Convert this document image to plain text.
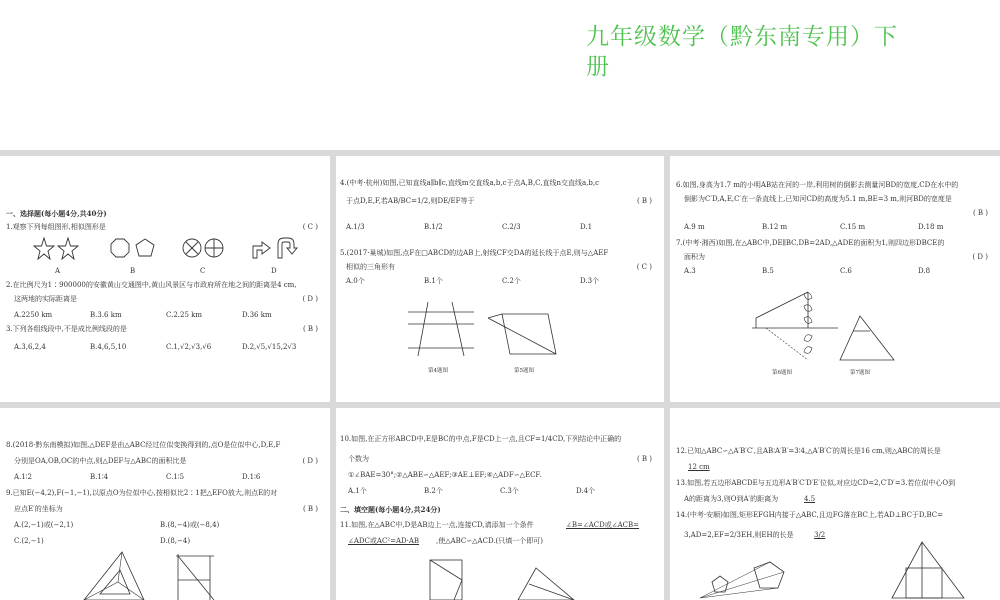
九年级数学（黔东南专用）下册
一、选择题(每小题4分,共40分)
1.观察下列每组图形,相似图形是	( C )
A	B	C	D
2.在比例尺为1∶900000的安徽黄山交通图中,黄山风景区与市政府所在地之间的距离是4 cm,
这两地的实际距离是	( D )
A.2250 km	B.3.6 km	C.2.25 km	D.36 km
3.下列各组线段中,不是成比例线段的是	( B )
A.3,6,2,4	B.4,6,5,10	C.1,√2,√3,√6	D.2,√5,√15,2√3
4.(中考·杭州)如图,已知直线a∥b∥c,直线m交直线a,b,c于点A,B,C,直线n交直线a,b,c
于点D,E,F,若AB/BC=1/2,则DE/EF等于	( B )
A.1/3	B.1/2	C.2/3	D.1
5.(2017·巢城)如图,点F在□ABCD的边AB上,射线CF交DA的延长线于点E,则与△AEF
相似的三角形有	( C )
A.0个	B.1个	C.2个	D.3个
第4题图	第5题图
6.如图,身高为1.7 m的小明AB站在河的一岸,利用树的倒影去测量河BD的宽度,CD在水中的
倒影为C′D,A,E,C′在一条直线上,已知河CD的高度为5.1 m,BE=3 m,则河BD的宽度是
( B )
A.9 m	B.12 m	C.15 m	D.18 m
7.(中考·湘西)如图,在△ABC中,DE∥BC,DB=2AD,△ADE的面积为1,则四边形DBCE的
面积为	( D )
A.3	B.5	C.6	D.8
第6题图	第7题图
8.(2018·黔东南模拟)如图,△DEF是由△ABC经过位似变换得到的,点O是位似中心,D,E,F
分别是OA,OB,OC的中点,则△DEF与△ABC的面积比是	( D )
A.1∶2	B.1∶4	C.1∶5	D.1∶6
9.已知E(−4,2),F(−1,−1),以原点O为位似中心,按相似比2∶1把△EFO放大,则点E的对
应点E′的坐标为	( B )
A.(2,−1)或(−2,1)	B.(8,−4)或(−8,4)
C.(2,−1)	D.(8,−4)
10.如图,在正方形ABCD中,E是BC的中点,F是CD上一点,且CF=1/4CD,下列结论中正确的
个数为	( B )
①∠BAE=30°;②△ABE∽△AEF;③AE⊥EF;④△ADF∽△ECF.
A.1个	B.2个	C.3个	D.4个
二、填空题(每小题4分,共24分)
11.如图,在△ABC中,D是AB边上一点,连接CD,请添加一个条件	∠B=∠ACD或∠ACB=
∠ADC或AC²=AD·AB ,使△ABC∽△ACD.(只填一个即可)
12.已知△ABC∽△A′B′C′,且AB∶A′B′=3∶4,△A′B′C′的周长是16 cm,则△ABC的周长是
12 cm
13.如图,若五边形ABCDE与五边形A′B′C′D′E′位似,对应边CD=2,C′D′=3.若位似中心O到
A的距离为3,则O到A′的距离为	4.5
14.(中考·安顺)如图,矩形EFGH内接于△ABC,且边FG落在BC上,若AD⊥BC于D,BC=
3,AD=2,EF=2/3EH,则EH的长是	3/2
